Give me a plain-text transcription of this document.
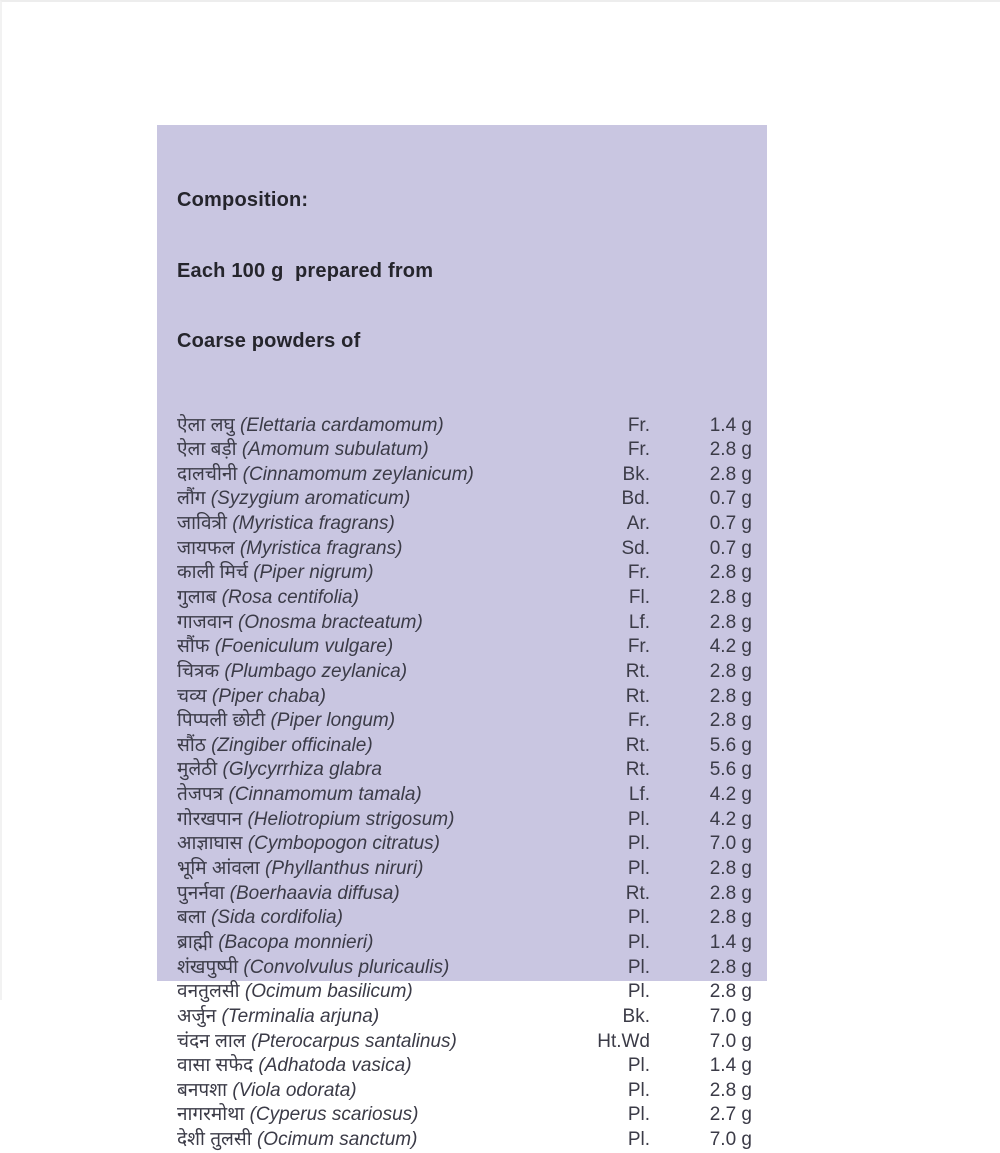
Composition:

Each 100 g  prepared from

Coarse powders of

ऐला लघु (Elettaria cardamomum)	Fr.	1.4 g
ऐला बड़ी (Amomum subulatum)	Fr.	2.8 g
दालचीनी (Cinnamomum zeylanicum)	Bk.	2.8 g
लौंग (Syzygium aromaticum)	Bd.	0.7 g
जावित्री (Myristica fragrans)	Ar.	0.7 g
जायफल (Myristica fragrans)	Sd.	0.7 g
काली मिर्च (Piper nigrum)	Fr.	2.8 g
गुलाब (Rosa centifolia)	Fl.	2.8 g
गाजवान (Onosma bracteatum)	Lf.	2.8 g
सौंफ (Foeniculum vulgare)	Fr.	4.2 g
चित्रक (Plumbago zeylanica)	Rt.	2.8 g
चव्य (Piper chaba)	Rt.	2.8 g
पिप्पली छोटी (Piper longum)	Fr.	2.8 g
सौंठ (Zingiber officinale)	Rt.	5.6 g
मुलेठी (Glycyrrhiza glabra	Rt.	5.6 g
तेजपत्र (Cinnamomum tamala)	Lf.	4.2 g
गोरखपान (Heliotropium strigosum)	Pl.	4.2 g
आज्ञाघास (Cymbopogon citratus)	Pl.	7.0 g
भूमि आंवला (Phyllanthus niruri)	Pl.	2.8 g
पुनर्नवा (Boerhaavia diffusa)	Rt.	2.8 g
बला (Sida cordifolia)	Pl.	2.8 g
ब्राह्मी (Bacopa monnieri)	Pl.	1.4 g
शंखपुष्पी (Convolvulus pluricaulis)	Pl.	2.8 g
वनतुलसी (Ocimum basilicum)	Pl.	2.8 g
अर्जुन (Terminalia arjuna)	Bk.	7.0 g
चंदन लाल (Pterocarpus santalinus)	Ht.Wd	7.0 g
वासा सफेद (Adhatoda vasica)	Pl.	1.4 g
बनपशा (Viola odorata)	Pl.	2.8 g
नागरमोथा (Cyperus scariosus)	Pl.	2.7 g
देशी तुलसी (Ocimum sanctum)	Pl.	7.0 g
